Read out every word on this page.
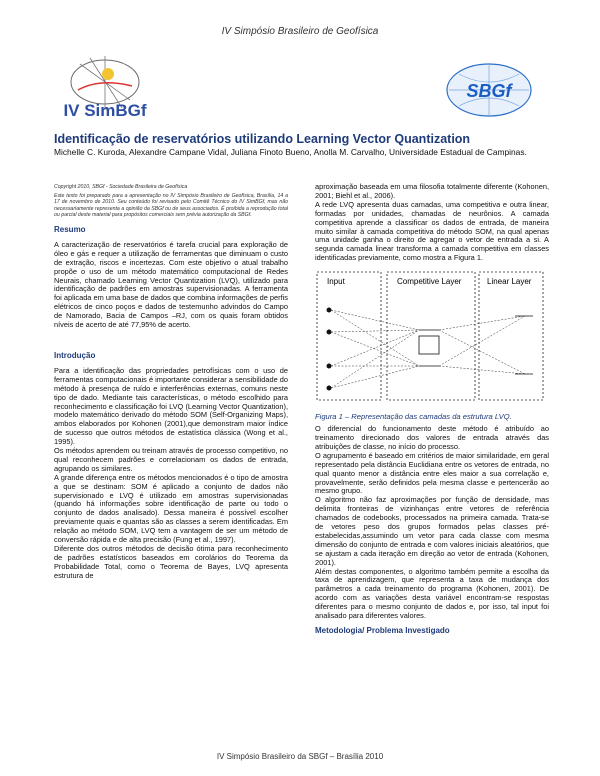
IV Simpósio Brasileiro de Geofísica
IV SimBGf
SBGf
Identificação de reservatórios utilizando Learning Vector Quantization
Michelle C. Kuroda, Alexandre Campane Vidal, Juliana Finoto Bueno, Anolla M. Carvalho, Universidade Estadual de Campinas.

Copyright 2010, SBGf - Sociedade Brasileira de Geofísica

Este texto foi preparado para a apresentação no IV Simpósio Brasileiro de Geofísica, Brasília, 14 a 17 de novembro de 2010. Seu conteúdo foi revisado pelo Comitê Técnico do IV SimBGf, mas não necessariamente representa a opinião da SBGf ou de seus associados. É proibida a reprodução total ou parcial deste material para propósitos comerciais sem prévia autorização da SBGf.

Resumo

A caracterização de reservatórios é tarefa crucial para exploração de óleo e gás e requer a utilização de ferramentas que diminuam o custo de extração, riscos e incertezas. Com este objetivo o atual trabalho propõe o uso de um método matemático computacional de Redes Neurais, chamado Learning Vector Quantization (LVQ), utilizado para identificação de padrões em amostras supervisionadas. A ferramenta foi aplicada em uma base de dados que combina informações de perfis elétricos de cinco poços e dados de testemunho advindos do Campo de Namorado, Bacia de Campos –RJ, com os quais foram obtidos níveis de acerto de até 77,95% de acerto.

Introdução

Para a identificação das propriedades petrofísicas com o uso de ferramentas computacionais é importante considerar a sensibilidade do método à presença de ruído e interferências externas, comuns neste tipo de dado. Mediante tais características, o método escolhido para reconhecimento e classificação foi LVQ (Learning Vector Quantization), modelo matemático derivado do método SOM (Self-Organizing Maps), ambos elaborados por Kohonen (2001),que demonstram maior índice de sucesso que outros métodos de estatística clássica (Wong et al., 1995).

Os métodos aprendem ou treinam através de processo competitivo, no qual reconhecem padrões e correlacionam os dados de entrada, agrupando os similares.

A grande diferença entre os métodos mencionados é o tipo de amostra a que se destinam: SOM é aplicado a conjunto de dados não supervisionado e LVQ é utilizado em amostras supervisionadas (quando há informações sobre identificação de parte ou todo o conjunto de dados analisado). Dessa maneira é possível escolher previamente quais e quantas são as classes a serem identificadas. Em relação ao método SOM, LVQ tem a vantagem de ser um método de conversão rápida e de alta precisão (Fung et al., 1997).

Diferente dos outros métodos de decisão ótima para reconhecimento de padrões estatísticos baseados em corolários do Teorema da Probabilidade Total, como o Teorema de Bayes, LVQ apresenta estrutura de

aproximação baseada em uma filosofia totalmente diferente (Kohonen, 2001; Biehl et al., 2006).

A rede LVQ apresenta duas camadas, uma competitiva e outra linear, formadas por unidades, chamadas de neurônios. A camada competitiva aprende a classificar os dados de entrada, de maneira muito similar à camada competitiva do método SOM, na qual apenas uma unidade ganha o direito de agregar o vetor de entrada a si. A segunda camada linear transforma a camada competitiva em classes identificadas previamente, como mostra a Figura 1.

Input	Competitive Layer	Linear Layer
Figura 1 – Representação das camadas da estrutura LVQ.

O diferencial do funcionamento deste método é atribuído ao treinamento direcionado dos valores de entrada através das atribuições de classe, no início do processo.

O agrupamento é baseado em critérios de maior similaridade, em geral representado pela distância Euclidiana entre os vetores de entrada, no qual quanto menor a distância entre eles maior a sua correlação e, provavelmente, serão definidos pela mesma classe e pertencerão ao mesmo grupo.

O algoritmo não faz aproximações por função de densidade, mas delimita fronteiras de vizinhanças entre vetores de referência chamados de codebooks, processados na primeira camada. Trata-se de vetores peso dos grupos formados pelas classes pré-estabelecidas,assumindo um vetor para cada classe com mesma dimensão do conjunto de entrada e com valores iniciais aleatórios, que se ajustam a cada iteração em direção ao vetor de entrada (Kohonen, 2001).

Além destas componentes, o algoritmo também permite a escolha da taxa de aprendizagem, que representa a taxa de mudança dos parâmetros a cada treinamento do programa (Kohonen, 2001). De acordo com as variações desta variável encontram-se respostas diferentes para o mesmo conjunto de dados e, por isso, tal input foi analisado para diferentes valores.

Metodologia/ Problema Investigado
IV Simpósio Brasileiro da SBGf – Brasília 2010
